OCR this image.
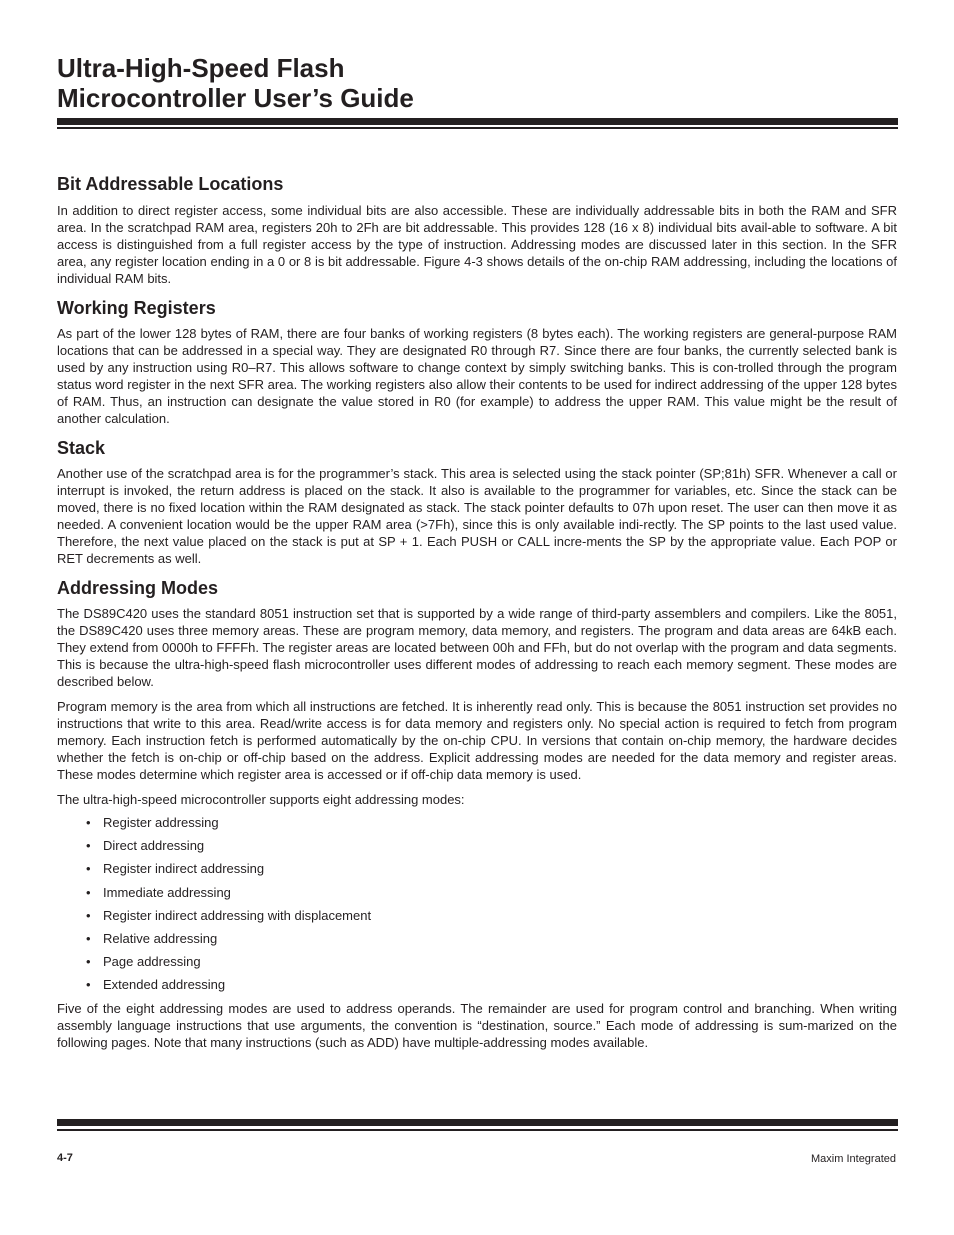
Ultra-High-Speed Flash
Microcontroller User’s Guide
Bit Addressable Locations

In addition to direct register access, some individual bits are also accessible. These are individually addressable bits in both the RAM and SFR area. In the scratchpad RAM area, registers 20h to 2Fh are bit addressable. This provides 128 (16 x 8) individual bits avail-able to software. A bit access is distinguished from a full register access by the type of instruction. Addressing modes are discussed later in this section. In the SFR area, any register location ending in a 0 or 8 is bit addressable. Figure 4-3 shows details of the on-chip RAM addressing, including the locations of individual RAM bits.

Working Registers

As part of the lower 128 bytes of RAM, there are four banks of working registers (8 bytes each). The working registers are general-purpose RAM locations that can be addressed in a special way. They are designated R0 through R7. Since there are four banks, the currently selected bank is used by any instruction using R0–R7. This allows software to change context by simply switching banks. This is con-trolled through the program status word register in the next SFR area. The working registers also allow their contents to be used for indirect addressing of the upper 128 bytes of RAM. Thus, an instruction can designate the value stored in R0 (for example) to address the upper RAM. This value might be the result of another calculation.

Stack

Another use of the scratchpad area is for the programmer’s stack. This area is selected using the stack pointer (SP;81h) SFR. Whenever a call or interrupt is invoked, the return address is placed on the stack. It also is available to the programmer for variables, etc. Since the stack can be moved, there is no fixed location within the RAM designated as stack. The stack pointer defaults to 07h upon reset. The user can then move it as needed. A convenient location would be the upper RAM area (>7Fh), since this is only available indi-rectly. The SP points to the last used value. Therefore, the next value placed on the stack is put at SP + 1. Each PUSH or CALL incre-ments the SP by the appropriate value. Each POP or RET decrements as well.

Addressing Modes

The DS89C420 uses the standard 8051 instruction set that is supported by a wide range of third-party assemblers and compilers. Like the 8051, the DS89C420 uses three memory areas. These are program memory, data memory, and registers. The program and data areas are 64kB each. They extend from 0000h to FFFFh. The register areas are located between 00h and FFh, but do not overlap with the program and data segments. This is because the ultra-high-speed flash microcontroller uses different modes of addressing to reach each memory segment. These modes are described below.

Program memory is the area from which all instructions are fetched. It is inherently read only. This is because the 8051 instruction set provides no instructions that write to this area. Read/write access is for data memory and registers only. No special action is required to fetch from program memory. Each instruction fetch is performed automatically by the on-chip CPU. In versions that contain on-chip memory, the hardware decides whether the fetch is on-chip or off-chip based on the address. Explicit addressing modes are needed for the data memory and register areas. These modes determine which register area is accessed or if off-chip data memory is used.

The ultra-high-speed microcontroller supports eight addressing modes:

• Register addressing
• Direct addressing
• Register indirect addressing
• Immediate addressing
• Register indirect addressing with displacement
• Relative addressing
• Page addressing
• Extended addressing

Five of the eight addressing modes are used to address operands. The remainder are used for program control and branching. When writing assembly language instructions that use arguments, the convention is “destination, source.” Each mode of addressing is sum-marized on the following pages. Note that many instructions (such as ADD) have multiple-addressing modes available.

4-7	Maxim Integrated
